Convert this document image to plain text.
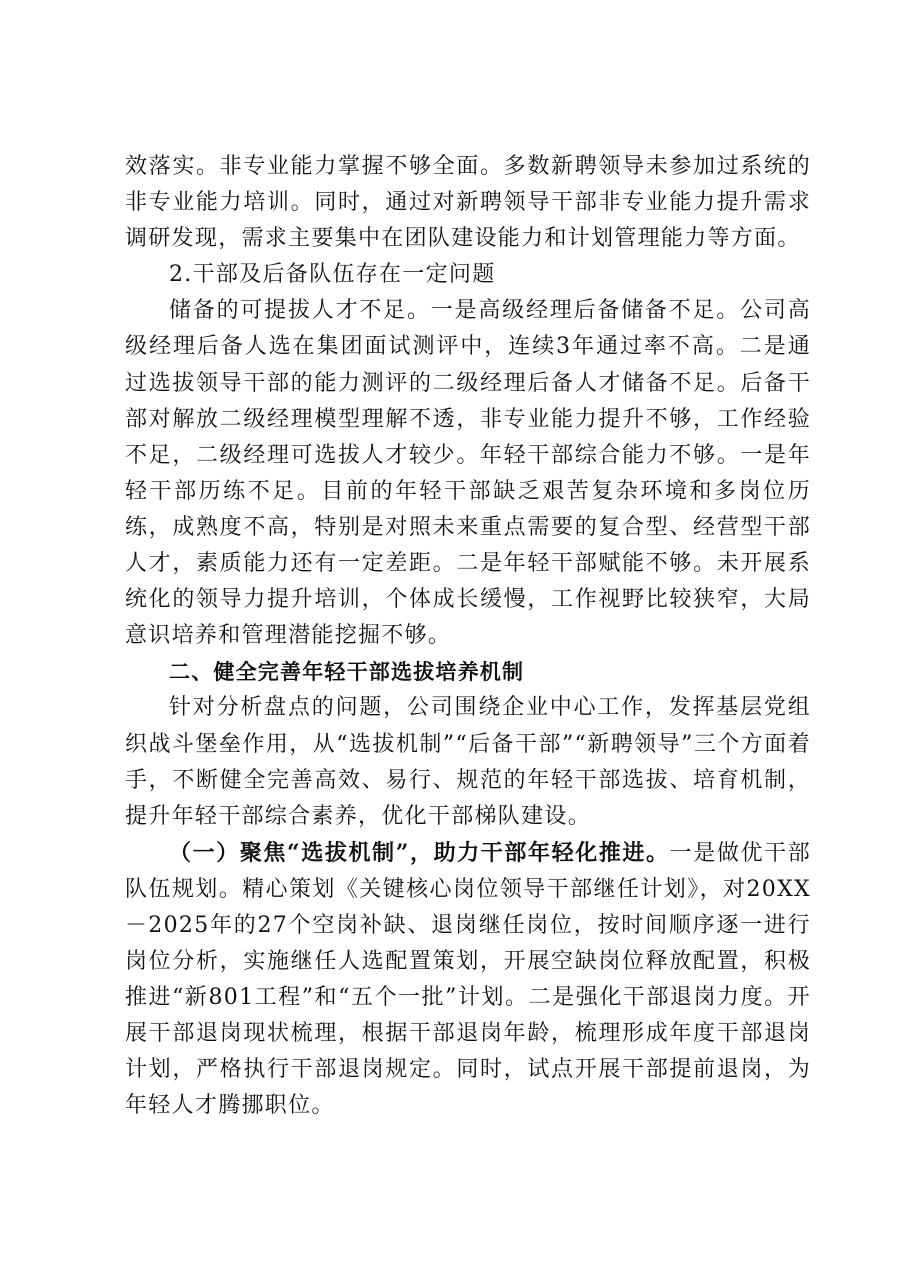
效落实。非专业能力掌握不够全面。多数新聘领导未参加过系统的非专业能力培训。同时，通过对新聘领导干部非专业能力提升需求调研发现，需求主要集中在团队建设能力和计划管理能力等方面。

2.干部及后备队伍存在一定问题

储备的可提拔人才不足。一是高级经理后备储备不足。公司高级经理后备人选在集团面试测评中，连续3年通过率不高。二是通过选拔领导干部的能力测评的二级经理后备人才储备不足。后备干部对解放二级经理模型理解不透，非专业能力提升不够，工作经验不足，二级经理可选拔人才较少。年轻干部综合能力不够。一是年轻干部历练不足。目前的年轻干部缺乏艰苦复杂环境和多岗位历练，成熟度不高，特别是对照未来重点需要的复合型、经营型干部人才，素质能力还有一定差距。二是年轻干部赋能不够。未开展系统化的领导力提升培训，个体成长缓慢，工作视野比较狭窄，大局意识培养和管理潜能挖掘不够。

二、健全完善年轻干部选拔培养机制

针对分析盘点的问题，公司围绕企业中心工作，发挥基层党组织战斗堡垒作用，从“选拔机制”“后备干部”“新聘领导”三个方面着手，不断健全完善高效、易行、规范的年轻干部选拔、培育机制，提升年轻干部综合素养，优化干部梯队建设。

（一）聚焦“选拔机制”，助力干部年轻化推进。一是做优干部队伍规划。精心策划《关键核心岗位领导干部继任计划》，对20XX－2025年的27个空岗补缺、退岗继任岗位，按时间顺序逐一进行岗位分析，实施继任人选配置策划，开展空缺岗位释放配置，积极推进“新801工程”和“五个一批”计划。二是强化干部退岗力度。开展干部退岗现状梳理，根据干部退岗年龄，梳理形成年度干部退岗计划，严格执行干部退岗规定。同时，试点开展干部提前退岗，为年轻人才腾挪职位。
